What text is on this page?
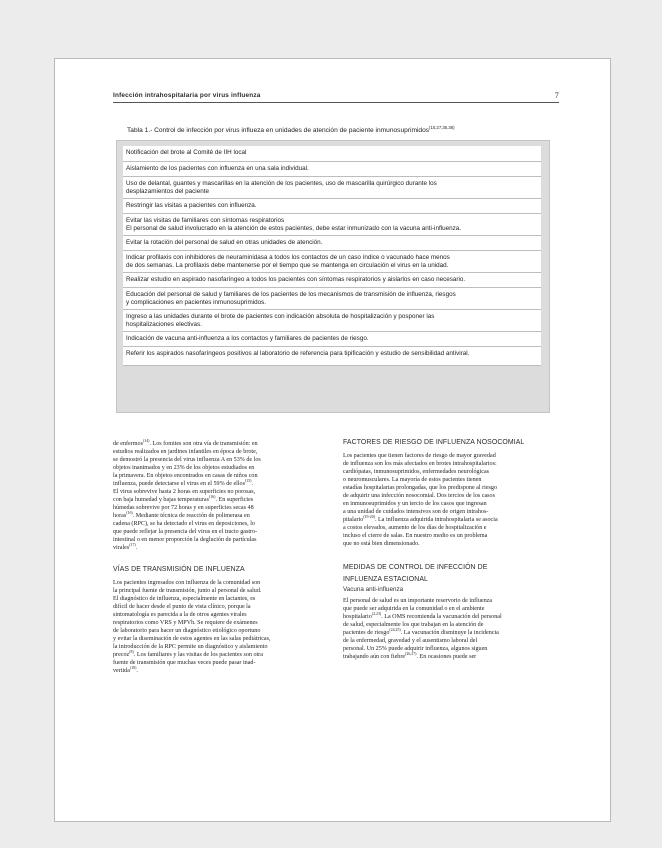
Infección intrahospitalaria por virus influenza	7
Tabla 1.- Control de infección por virus influeza en unidades de atención de paciente inmunosuprimidos$^{(10,27,35,36)}$
Notificación del brote al Comité de IIH local
Aislamiento de los pacientes con influenza en una sala individual.
Uso de delantal, guantes y mascarillas en la atención de los pacientes, uso de mascarilla quirúrgico durante los
desplazamientos del paciente
Restringir las visitas a pacientes con influenza.
Evitar las visitas de familiares con síntomas respiratorios
El personal de salud involucrado en la atención de estos pacientes, debe estar inmunizado con la vacuna anti-influenza.
Evitar la rotación del personal de salud en otras unidades de atención.
Indicar profilaxis con inhibidores de neuraminidasa a todos los contactos de un caso índice o vacunado hace menos
de dos semanas. La profilaxis debe mantenerse por el tiempo que se mantenga en circulación el virus en la unidad.
Realizar estudio en aspirado nasofaríngeo a todos los pacientes con síntomas respiratorios y aislarlos en caso necesario.
Educación del personal de salud y familiares de los pacientes de los mecanismos de transmisión de influenza, riesgos
y complicaciones en pacientes inmunosuprimidos.
Ingreso a las unidades durante el brote de pacientes con indicación absoluta de hospitalización y posponer las
hospitalizaciones electivas.
Indicación de vacuna anti-influenza a los contactos y familiares de pacientes de riesgo.
Referir los aspirados nasofaríngeos positivos al laboratorio de referencia para tipificación y estudio de sensibilidad antiviral.

de enfermos$^{(14)}$. Los fomites son otra vía de transmisión: en
estudios realizados en jardines infantiles en época de brote,
se demostró la presencia del virus influenza A en 53% de los
objetos inanimados y en 23% de los objetos estudiados en
la primavera. En objetos encontrados en casas de niños con
influenza, puede detectarse el virus en el 59% de ellos$^{(15)}$.
El virus sobrevive hasta 2 horas en superficies no porosas,
con baja humedad y bajas temperaturas$^{(16)}$. En superficies
húmedas sobrevive por 72 horas y en superficies secas 48
horas$^{(16)}$. Mediante técnica de reacción de polimerasa en
cadena (RPC), se ha detectado el virus en deposiciones, lo
que puede reflejar la presencia del virus en el tracto gastro-
intestinal o en menor proporción la deglución de partículas
virales$^{(17)}$.

VÍAS DE TRANSMISIÓN DE INFLUENZA

Los pacientes ingresados con influenza de la comunidad son
la principal fuente de transmisión, junto al personal de salud.
El diagnóstico de influenza, especialmente en lactantes, es
difícil de hacer desde el punto de vista clínico, porque la
sintomatología es parecida a la de otros agentes virales
respiratorios como VRS y MPVh. Se requiere de exámenes
de laboratorio para hacer un diagnóstico etiológico oportuno
y evitar la diseminación de estos agentes en las salas pediátricas,
la introducción de la RPC permite un diagnóstico y aislamiento
precoz$^{(8)}$. Los familiares y las visitas de los pacientes son otra
fuente de transmisión que muchas veces puede pasar inad-
vertida$^{(18)}$.

FACTORES DE RIESGO DE INFLUENZA NOSOCOMIAL

Los pacientes que tienen factores de riesgo de mayor gravedad
de influenza son los más afectados en brotes intrahospitalarios:
cardiópatas, inmunosuprimidos, enfermedades neurológicas
o neuromusculares. La mayoría de estos pacientes tienen
estadías hospitalarias prolongadas, que los predispone al riesgo
de adquirir una infección nosocomial. Dos tercios de los casos
en inmunosuprimidos y un tercio de los casos que ingresan
a una unidad de cuidados intensivos son de origen intrahos-
pitalario$^{(19-20)}$. La influenza adquirida intrahospitalaria se asocia
a costos elevados, aumento de los días de hospitalización e
incluso el cierre de salas. En nuestro medio es un problema
que no está bien dimensionado.

MEDIDAS DE CONTROL DE INFECCIÓN DE
INFLUENZA ESTACIONAL
Vacuna anti-influenza

El personal de salud es un importante reservorio de influenza
que puede ser adquirida en la comunidad o en el ambiente
hospitalario$^{(2,23)}$. La OMS recomienda la vacunación del personal
de salud, especialmente los que trabajan en la atención de
pacientes de riesgo$^{(24,25)}$. La vacunación disminuye la incidencia
de la enfermedad, gravedad y el ausentismo laboral del
personal. Un 25% puede adquirir influenza, algunos siguen
trabajando aún con fiebre$^{(26,27)}$. En ocasiones puede ser
